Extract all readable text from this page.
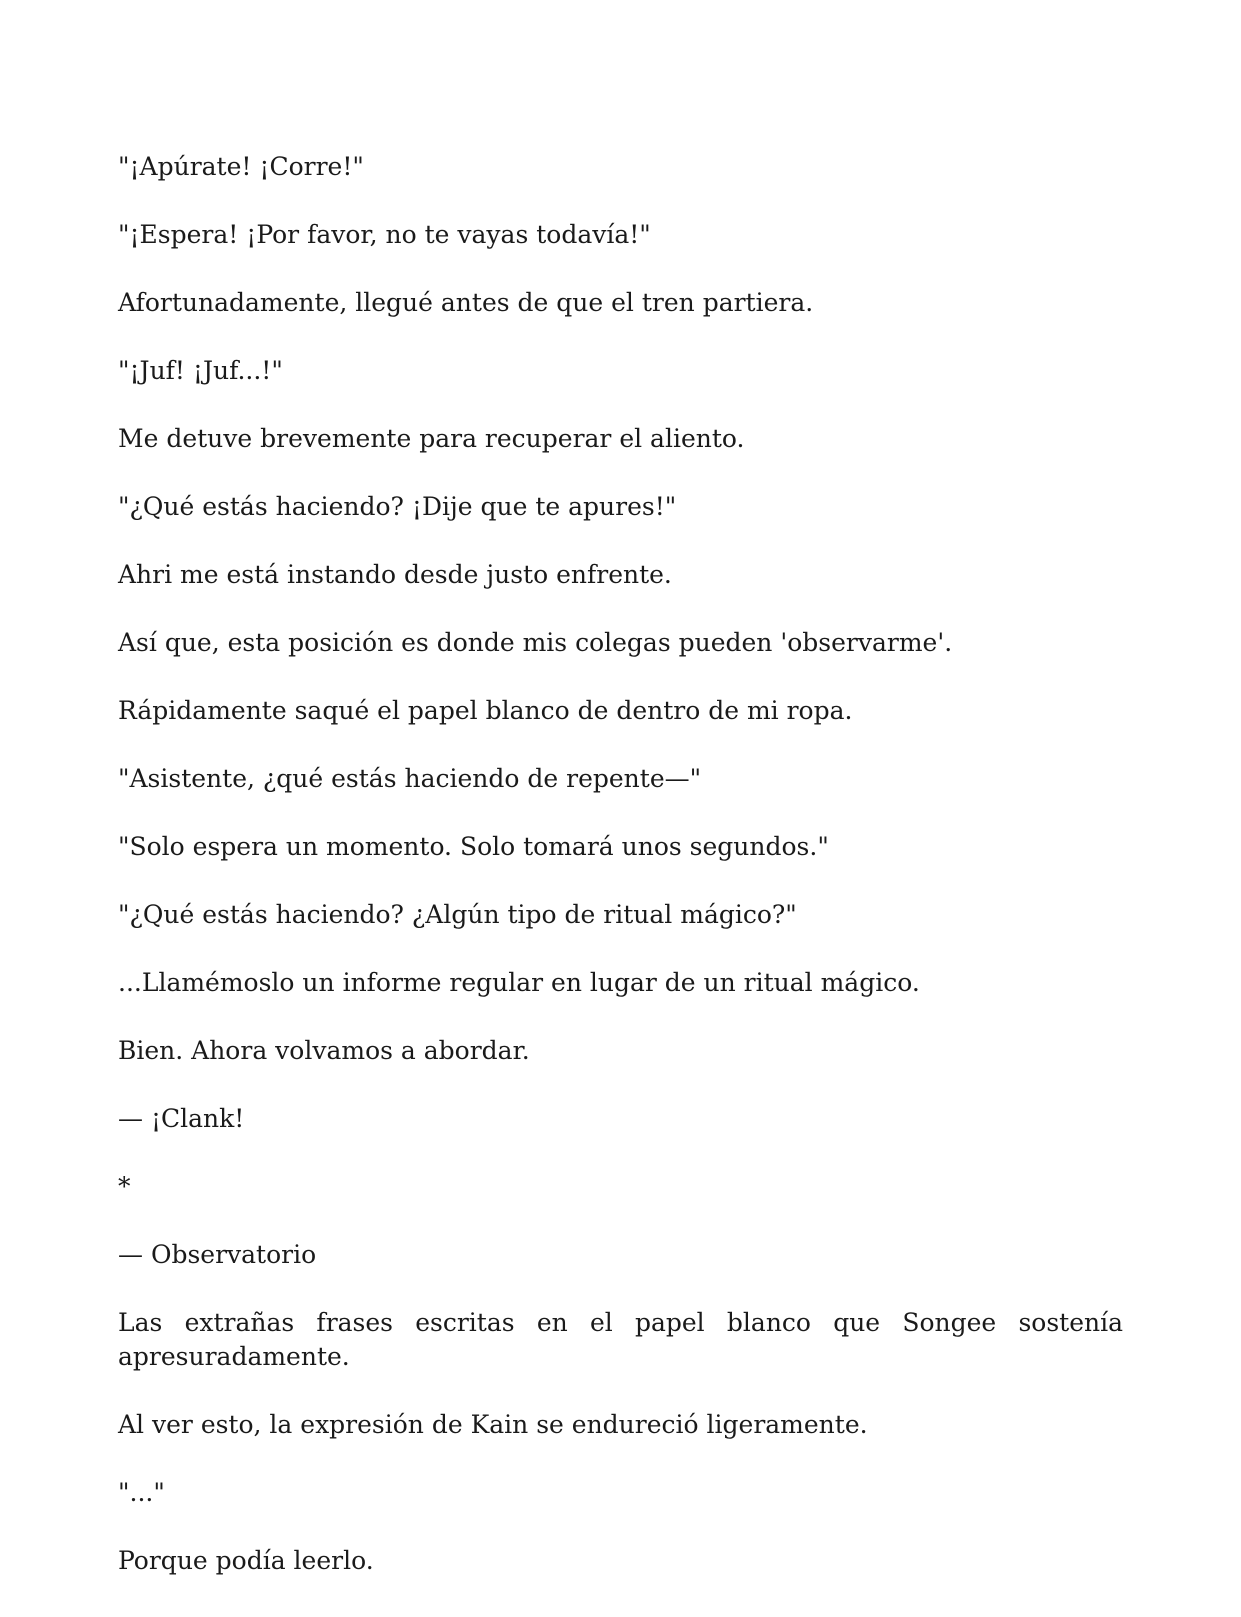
"¡Apúrate! ¡Corre!"

"¡Espera! ¡Por favor, no te vayas todavía!"

Afortunadamente, llegué antes de que el tren partiera.

"¡Juf! ¡Juf...!"

Me detuve brevemente para recuperar el aliento.

"¿Qué estás haciendo? ¡Dije que te apures!"

Ahri me está instando desde justo enfrente.

Así que, esta posición es donde mis colegas pueden 'observarme'.

Rápidamente saqué el papel blanco de dentro de mi ropa.

"Asistente, ¿qué estás haciendo de repente—"

"Solo espera un momento. Solo tomará unos segundos."

"¿Qué estás haciendo? ¿Algún tipo de ritual mágico?"

...Llamémoslo un informe regular en lugar de un ritual mágico.

Bien. Ahora volvamos a abordar.

— ¡Clank!

*

— Observatorio

Las extrañas frases escritas en el papel blanco que Songee sostenía apresuradamente.

Al ver esto, la expresión de Kain se endureció ligeramente.

"..."

Porque podía leerlo.
